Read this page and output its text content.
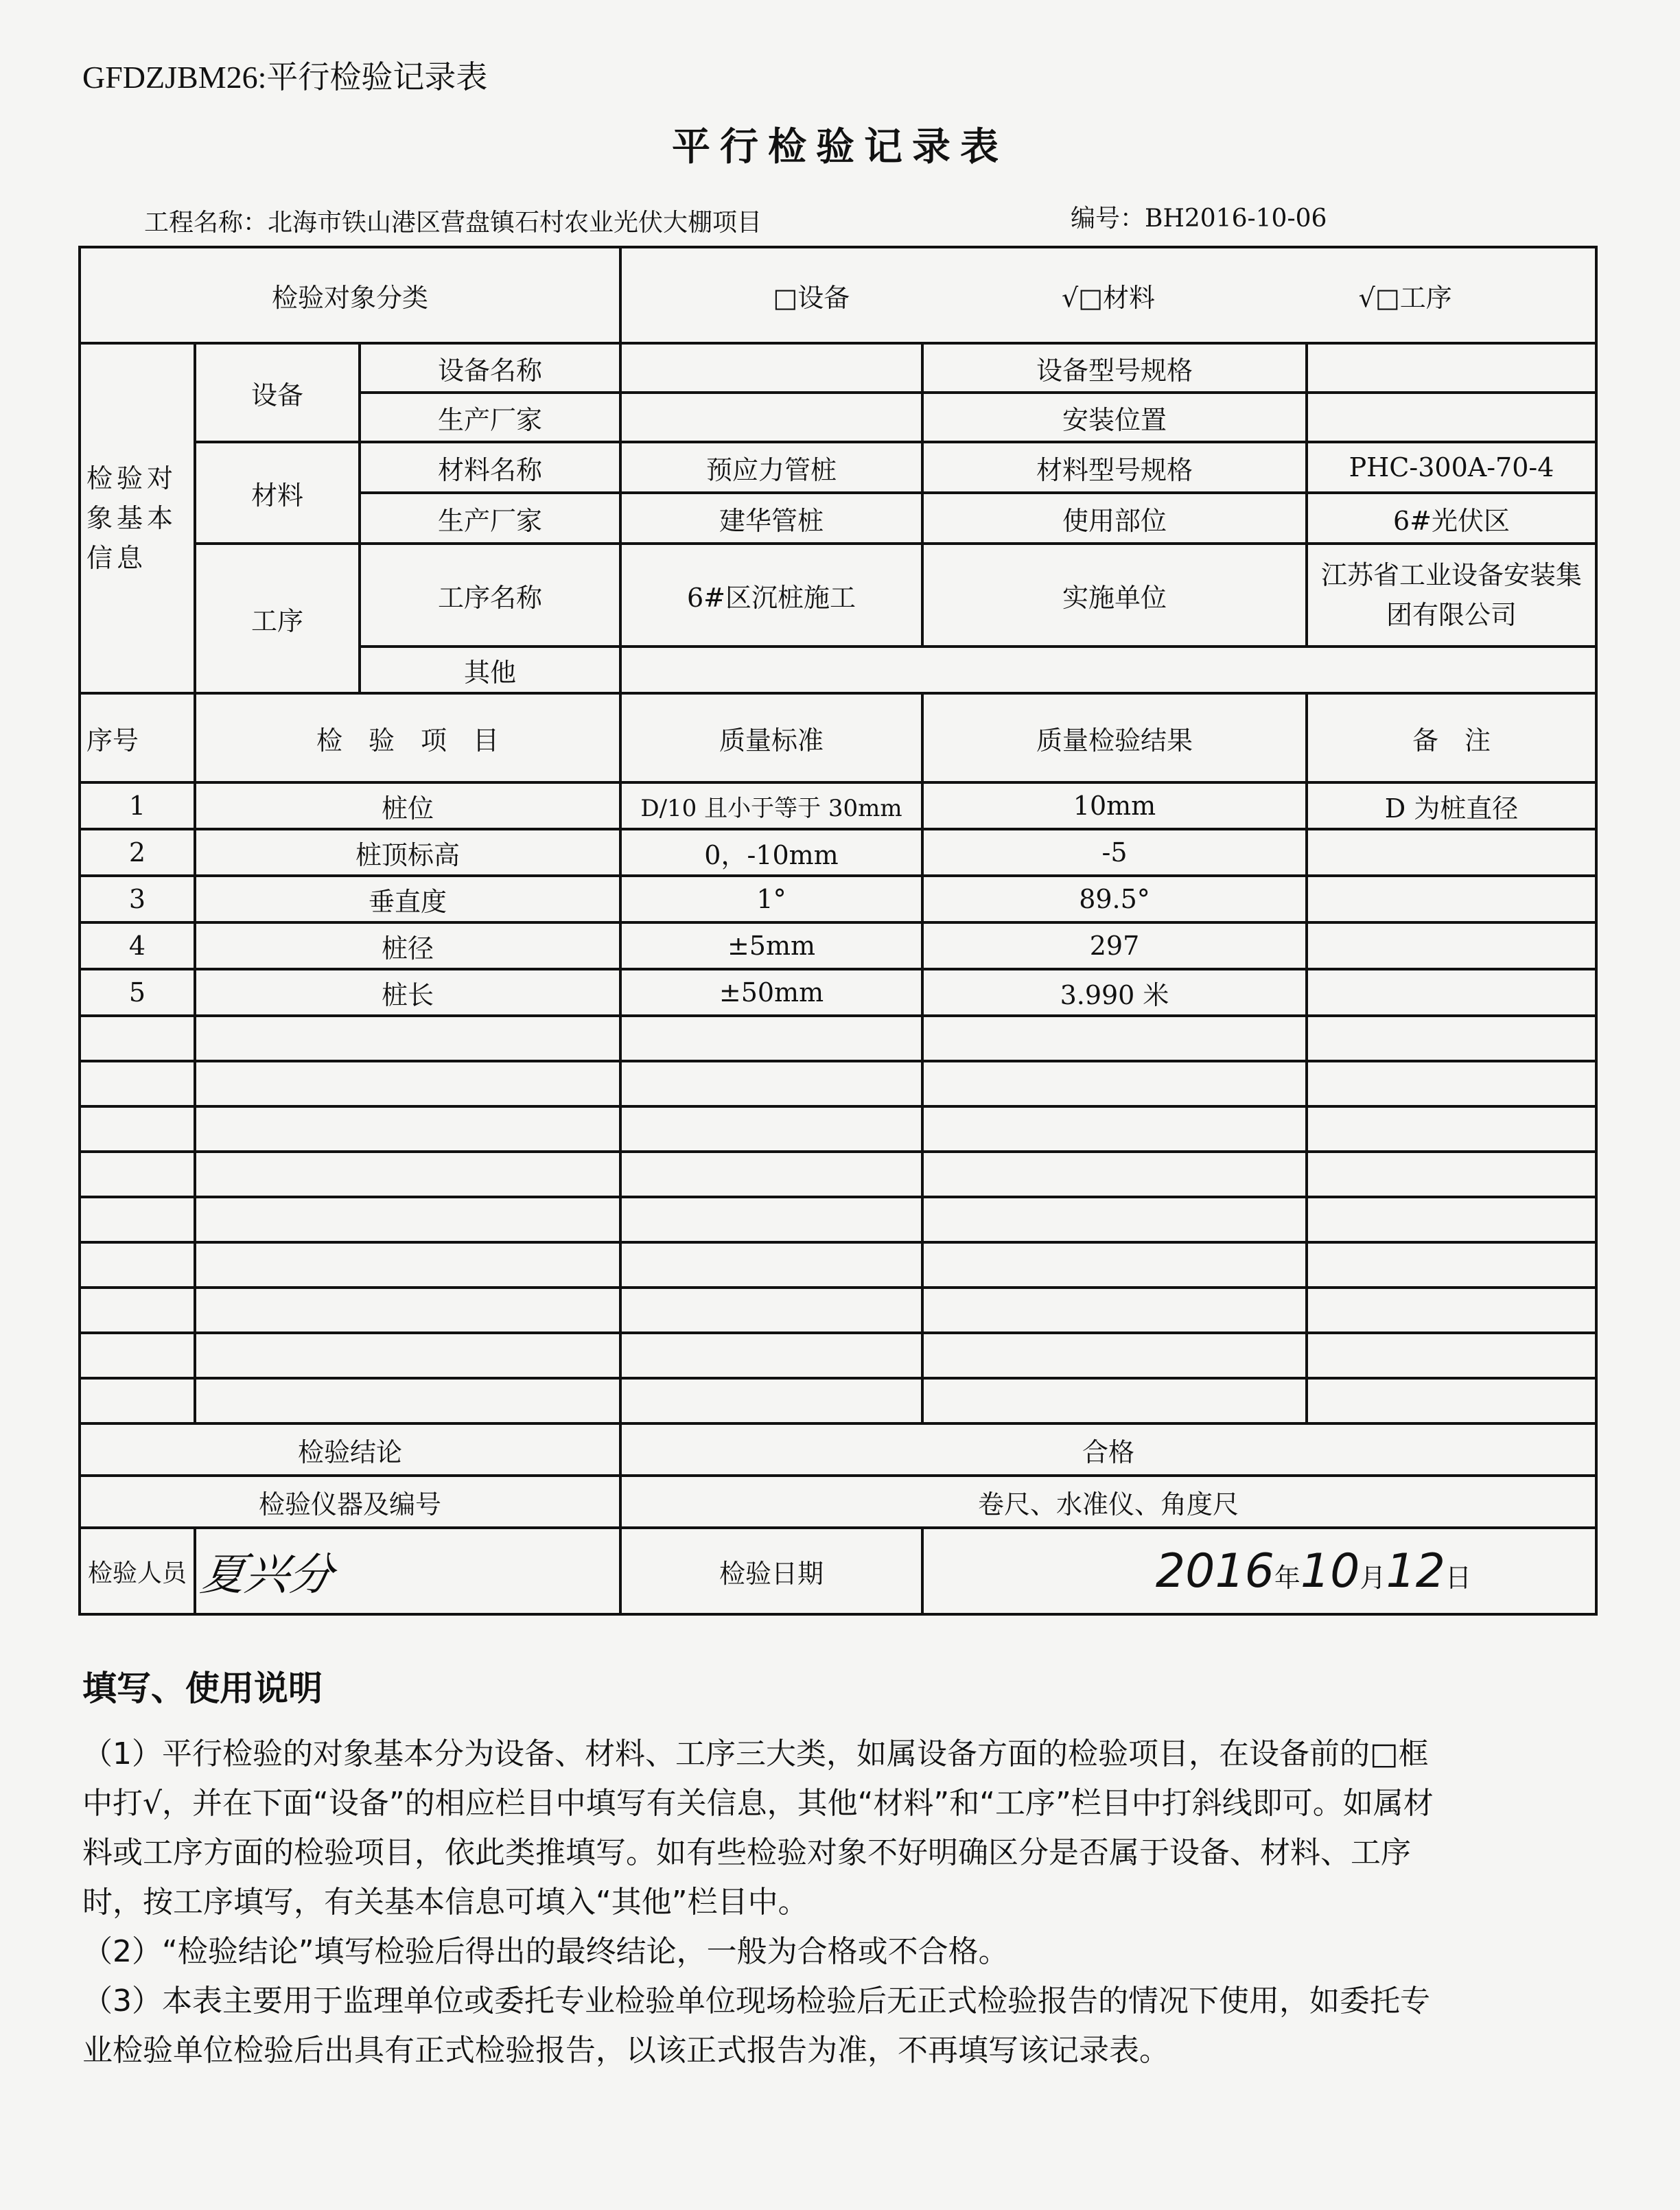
GFDZJBM26:平行检验记录表
平行检验记录表
工程名称：北海市铁山港区营盘镇石村农业光伏大棚项目	编号：BH2016-10-06
检验对象分类			□设备 √□材料 √□工序		
检验对象基本信息	设备	设备名称		设备型号规格	
		生产厂家		安装位置	
	材料	材料名称	预应力管桩	材料型号规格	PHC-300A-70-4
		生产厂家	建华管桩	使用部位	6#光伏区
	工序	工序名称	6#区沉桩施工	实施单位	江苏省工业设备安装集团有限公司
		其他			

序号	检　验　项　目		质量标准	质量检验结果	备　注
1	桩位		D/10 且小于等于 30mm	10mm	D 为桩直径
2	桩顶标高		0，-10mm	-5	
3	垂直度		1°	89.5°	
4	桩径		±5mm	297	
5	桩长		±50mm	3.990 米	

检验结论			合格		
检验仪器及编号			卷尺、水准仪、角度尺		
检验人员	夏兴分		检验日期	2016年10月12日	
填写、使用说明
（1）平行检验的对象基本分为设备、材料、工序三大类，如属设备方面的检验项目，在设备前的□框中打√，并在下面“设备”的相应栏目中填写有关信息，其他“材料”和“工序”栏目中打斜线即可。如属材料或工序方面的检验项目，依此类推填写。如有些检验对象不好明确区分是否属于设备、材料、工序时，按工序填写，有关基本信息可填入“其他”栏目中。
（2）“检验结论”填写检验后得出的最终结论，一般为合格或不合格。
（3）本表主要用于监理单位或委托专业检验单位现场检验后无正式检验报告的情况下使用，如委托专业检验单位检验后出具有正式检验报告，以该正式报告为准，不再填写该记录表。
